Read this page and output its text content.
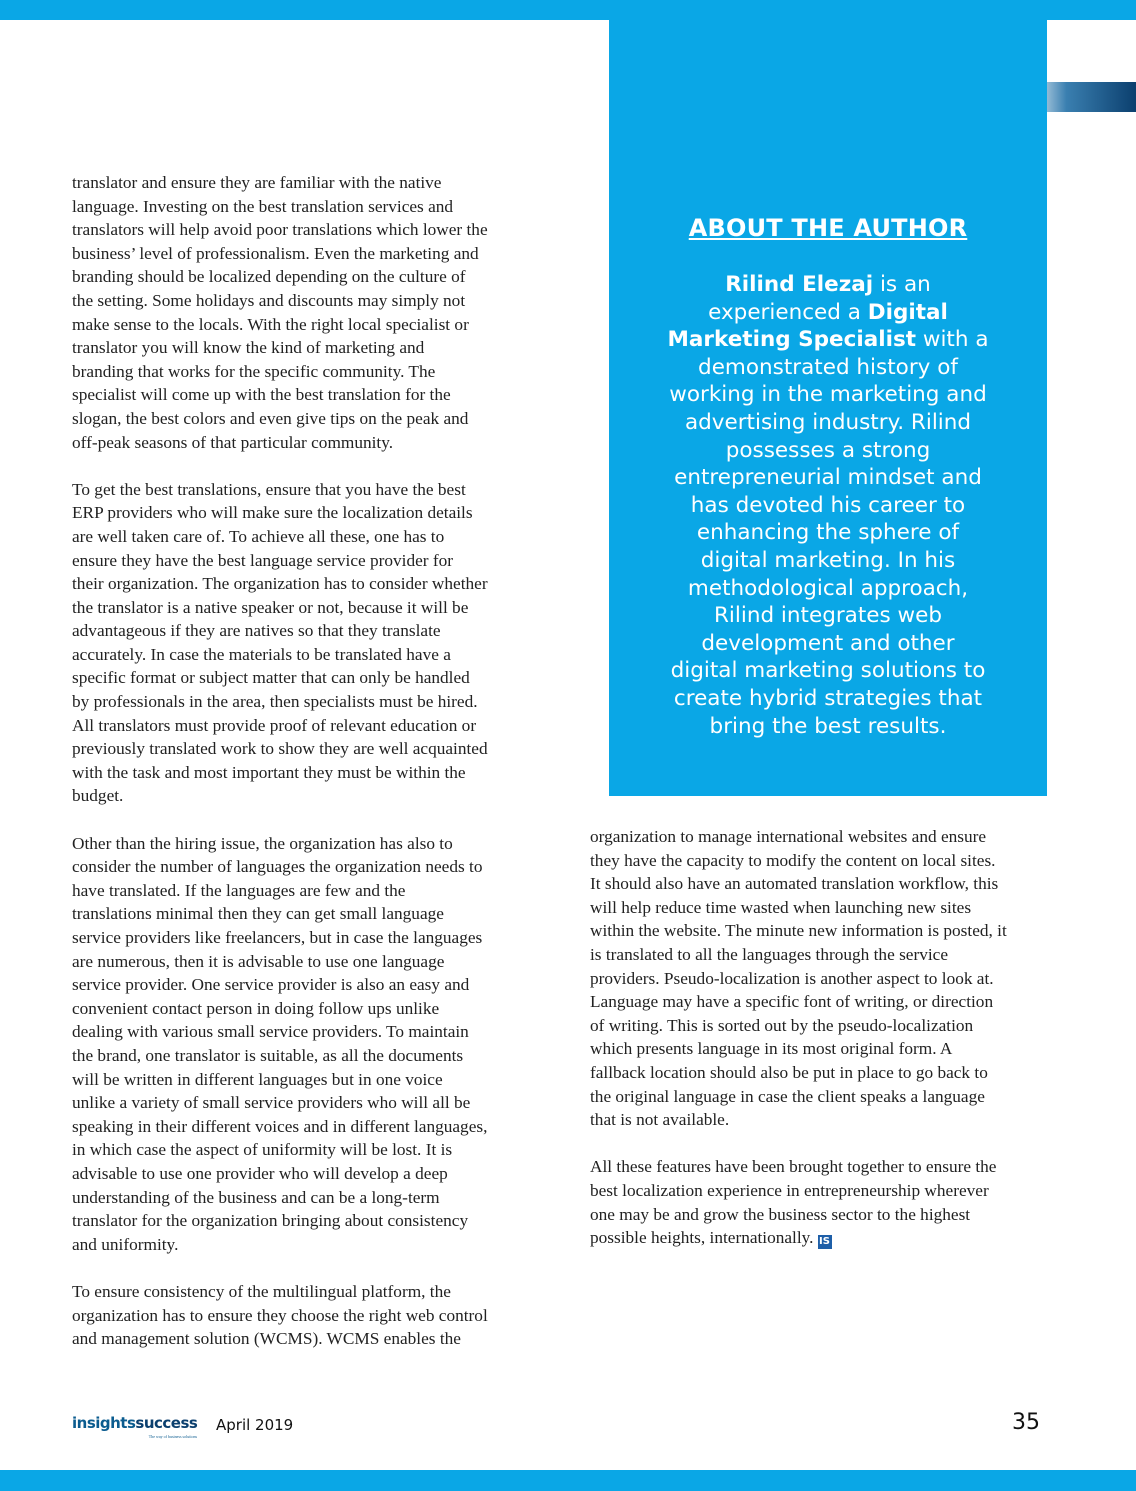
translator and ensure they are familiar with the native
language. Investing on the best translation services and
translators will help avoid poor translations which lower the
business’ level of professionalism. Even the marketing and
branding should be localized depending on the culture of
the setting. Some holidays and discounts may simply not
make sense to the locals. With the right local specialist or
translator you will know the kind of marketing and
branding that works for the specific community. The
specialist will come up with the best translation for the
slogan, the best colors and even give tips on the peak and
off-peak seasons of that particular community.
To get the best translations, ensure that you have the best
ERP providers who will make sure the localization details
are well taken care of. To achieve all these, one has to
ensure they have the best language service provider for
their organization. The organization has to consider whether
the translator is a native speaker or not, because it will be
advantageous if they are natives so that they translate
accurately. In case the materials to be translated have a
specific format or subject matter that can only be handled
by professionals in the area, then specialists must be hired.
All translators must provide proof of relevant education or
previously translated work to show they are well acquainted
with the task and most important they must be within the
budget.
Other than the hiring issue, the organization has also to
consider the number of languages the organization needs to
have translated. If the languages are few and the
translations minimal then they can get small language
service providers like freelancers, but in case the languages
are numerous, then it is advisable to use one language
service provider. One service provider is also an easy and
convenient contact person in doing follow ups unlike
dealing with various small service providers. To maintain
the brand, one translator is suitable, as all the documents
will be written in different languages but in one voice
unlike a variety of small service providers who will all be
speaking in their different voices and in different languages,
in which case the aspect of uniformity will be lost. It is
advisable to use one provider who will develop a deep
understanding of the business and can be a long-term
translator for the organization bringing about consistency
and uniformity.
To ensure consistency of the multilingual platform, the
organization has to ensure they choose the right web control
and management solution (WCMS). WCMS enables the
ABOUT THE AUTHOR
Rilind Elezaj is an
experienced a Digital
Marketing Specialist with a
demonstrated history of
working in the marketing and
advertising industry. Rilind
possesses a strong
entrepreneurial mindset and
has devoted his career to
enhancing the sphere of
digital marketing. In his
methodological approach,
Rilind integrates web
development and other
digital marketing solutions to
create hybrid strategies that
bring the best results.
organization to manage international websites and ensure
they have the capacity to modify the content on local sites.
It should also have an automated translation workflow, this
will help reduce time wasted when launching new sites
within the website. The minute new information is posted, it
is translated to all the languages through the service
providers. Pseudo-localization is another aspect to look at.
Language may have a specific font of writing, or direction
of writing. This is sorted out by the pseudo-localization
which presents language in its most original form. A
fallback location should also be put in place to go back to
the original language in case the client speaks a language
that is not available.
All these features have been brought together to ensure the
best localization experience in entrepreneurship wherever
one may be and grow the business sector to the highest
possible heights, internationally. IS
insightssuccess
The way of business solutions
April 2019	35
